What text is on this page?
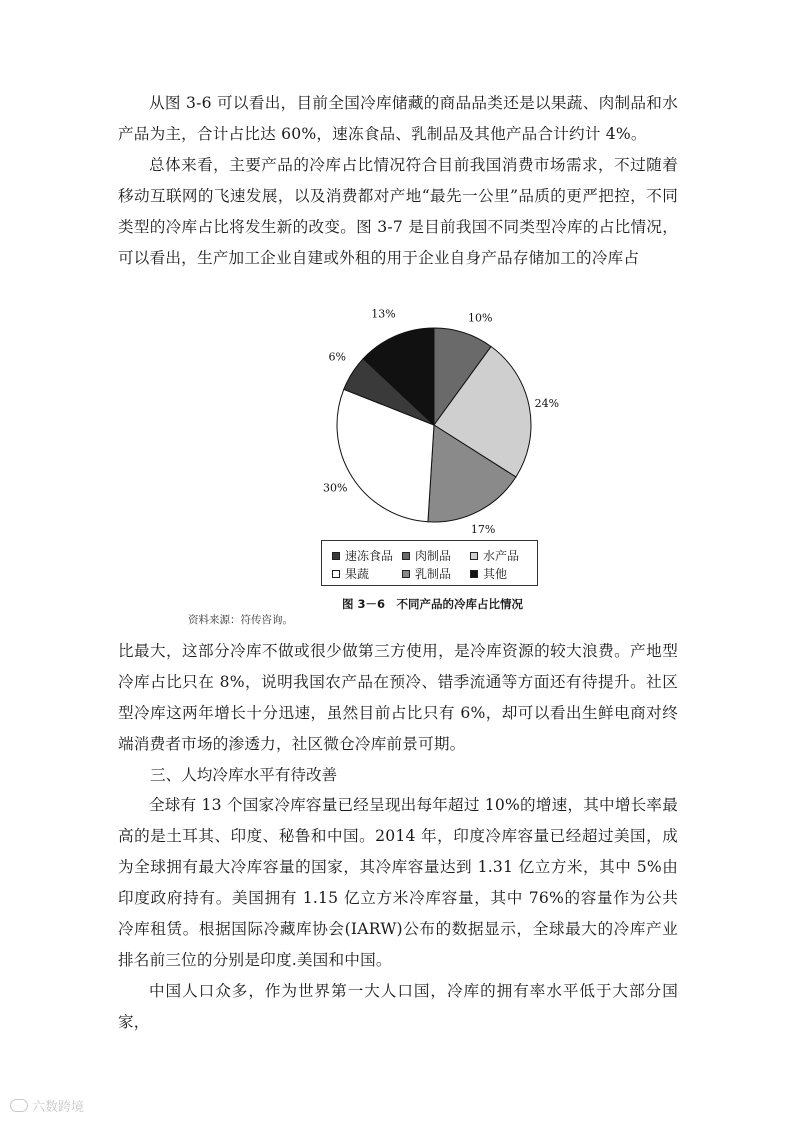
从图 3-6 可以看出，目前全国冷库储藏的商品品类还是以果蔬、肉制品和水产品为主，合计占比达 60%，速冻食品、乳制品及其他产品合计约计 4%。

总体来看，主要产品的冷库占比情况符合目前我国消费市场需求，不过随着移动互联网的飞速发展，以及消费都对产地“最先一公里”品质的更严把控，不同类型的冷库占比将发生新的改变。图 3-7 是目前我国不同类型冷库的占比情况，可以看出，生产加工企业自建或外租的用于企业自身产品存储加工的冷库占

10%
24%
17%
30%
6%
13%
速冻食品 肉制品	水产品
果蔬	乳制品	其他
图 3－6　不同产品的冷库占比情况
资料来源：符传咨询。

比最大，这部分冷库不做或很少做第三方使用，是冷库资源的较大浪费。产地型冷库占比只在 8%，说明我国农产品在预冷、错季流通等方面还有待提升。社区型冷库这两年增长十分迅速，虽然目前占比只有 6%，却可以看出生鲜电商对终端消费者市场的渗透力，社区微仓冷库前景可期。

三、人均冷库水平有待改善

全球有 13 个国家冷库容量已经呈现出每年超过 10%的增速，其中增长率最高的是土耳其、印度、秘鲁和中国。2014 年，印度冷库容量已经超过美国，成为全球拥有最大冷库容量的国家，其冷库容量达到 1.31 亿立方米，其中 5%由印度政府持有。美国拥有 1.15 亿立方米冷库容量，其中 76%的容量作为公共冷库租赁。根据国际冷藏库协会(IARW)公布的数据显示，全球最大的冷库产业排名前三位的分别是印度.美国和中国。

中国人口众多，作为世界第一大人口国，冷库的拥有率水平低于大部分国家，

六数跨境
